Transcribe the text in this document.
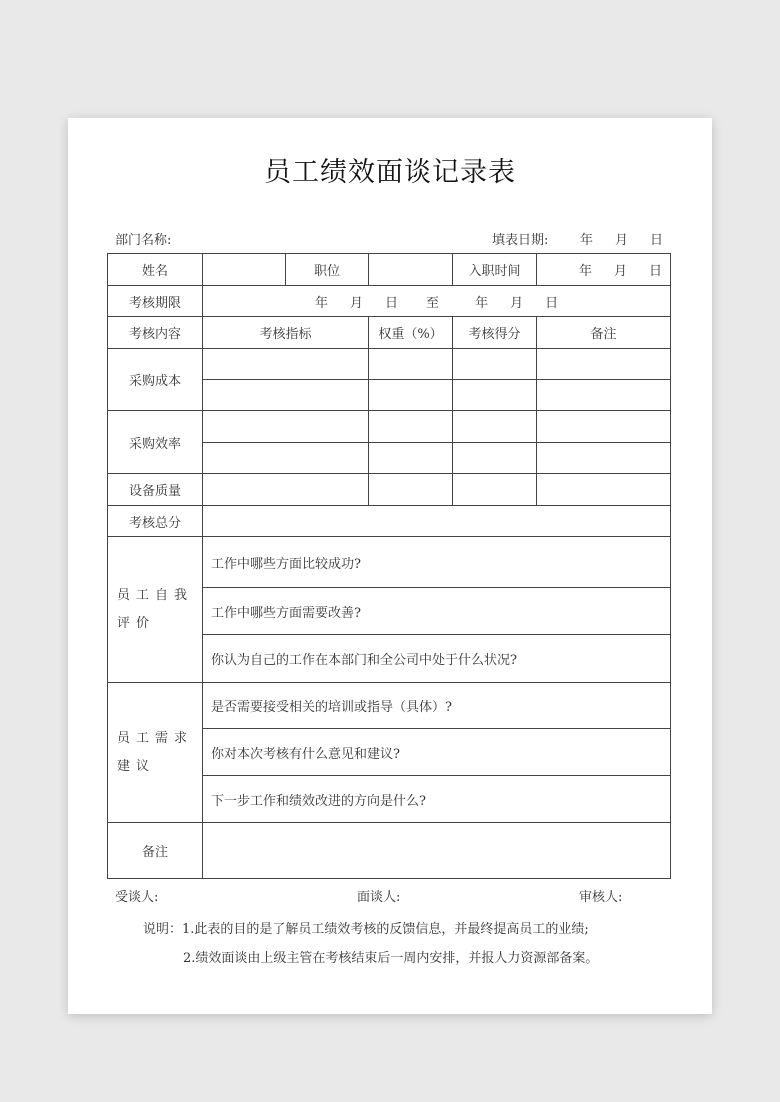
员工绩效面谈记录表
部门名称:	填表日期: 年 月 日
姓名		职位		入职时间	年 月 日
考核期限	年 月 日 至 年 月 日				
考核内容	考核指标		权重（%）	考核得分	备注
采购成本					

采购效率					

设备质量					
考核总分					
员工自我评价	工作中哪些方面比较成功?				
	工作中哪些方面需要改善?				
	你认为自己的工作在本部门和全公司中处于什么状况?				
员工需求建议	是否需要接受相关的培训或指导（具体）?				
	你对本次考核有什么意见和建议?				
	下一步工作和绩效改进的方向是什么?				
备注					
受谈人:	面谈人:	审核人:
说明：1.此表的目的是了解员工绩效考核的反馈信息，并最终提高员工的业绩;
2.绩效面谈由上级主管在考核结束后一周内安排，并报人力资源部备案。
